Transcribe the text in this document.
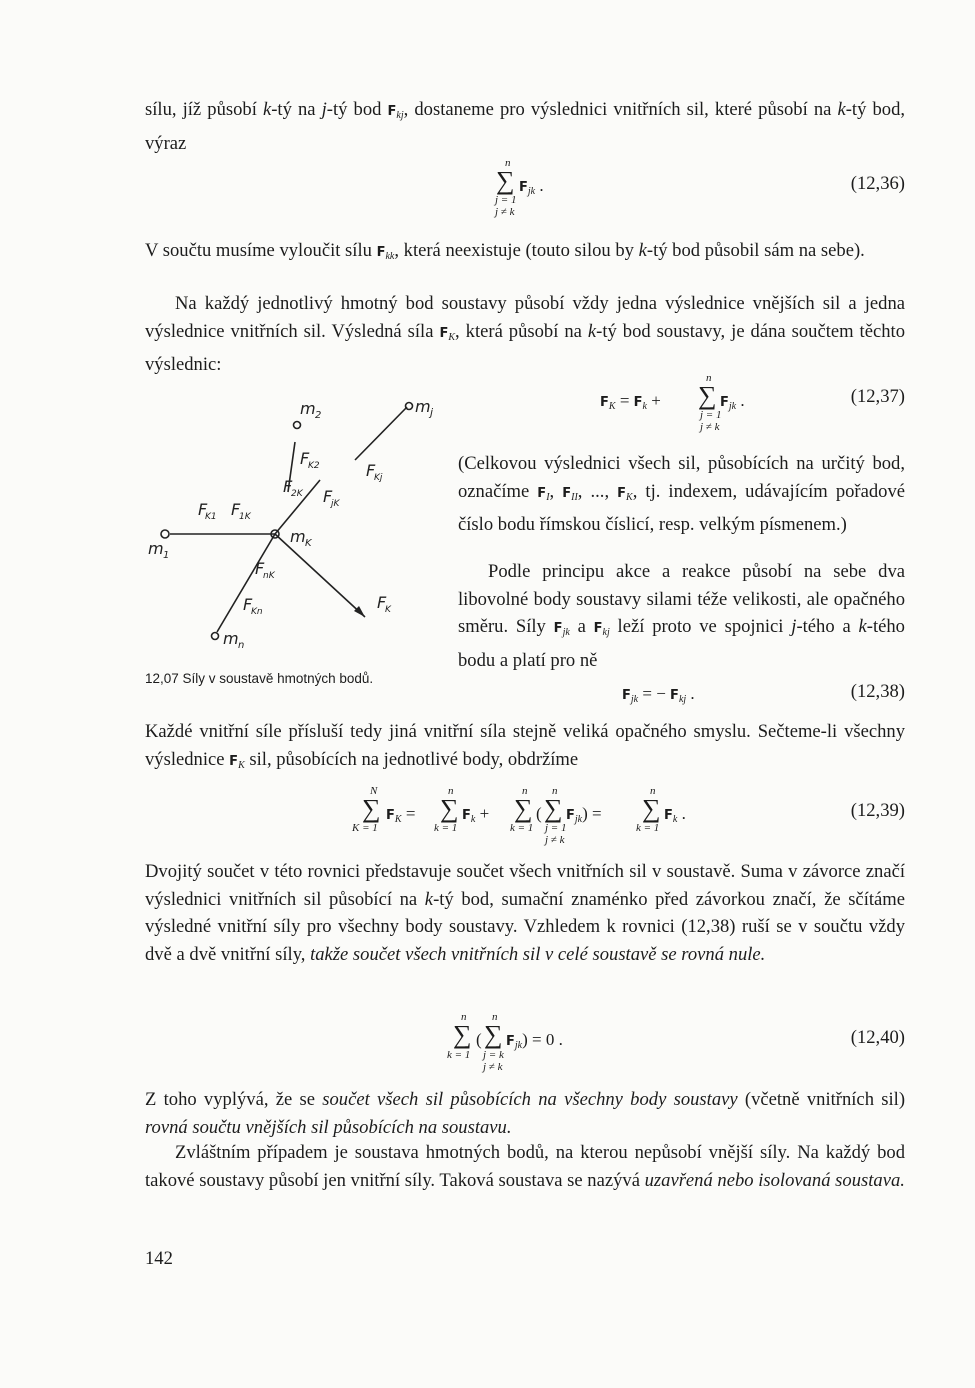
sílu, jíž působí k-tý na j-tý bod $F_{kj}$, dostaneme pro výslednici vnitřních sil, které působí na k-tý bod, výraz
n
∑ $F_{jk}$ .
j = 1
j ≠ k
(12,36)
V součtu musíme vyloučit sílu $F_{kk}$, která neexistuje (touto silou by k-tý bod působil sám na sebe).
Na každý jednotlivý hmotný bod soustavy působí vždy jedna výslednice vnějších sil a jedna výslednice vnitřních sil. Výsledná síla $F_K$, která působí na k-tý bod soustavy, je dána součtem těchto výslednic:
m 2	m j
m 1
m K
m n
F
K2	F
Kj
F
2K F
jK
F
K1 F
1K
F
nK
F
Kn	F
K
12,07 Síly v soustavě hmotných bodů.
$F_K = F_k$ +
n
∑ $F_{jk}$ .
j = 1
j ≠ k
(12,37)
(Celkovou výslednici všech sil, působících na určitý bod, označíme $F_I$, $F_{II}$, ..., $F_K$, tj. indexem, udávajícím pořadové číslo bodu římskou číslicí, resp. velkým písmenem.)
Podle principu akce a reakce působí na sebe dva libovolné body soustavy silami téže velikosti, ale opačného směru. Síly $F_{jk}$ a $F_{kj}$ leží proto ve spojnici j-tého a k-tého bodu a platí pro ně
$F_{jk}$ = − $F_{kj}$ .	(12,38)
Každé vnitřní síle přísluší tedy jiná vnitřní síla stejně veliká opačného smyslu. Sečteme-li všechny výslednice $F_K$ sil, působících na jednotlivé body, obdržíme
N
∑ $F_K$ =
K = 1
n
∑ $F_k$ +
k = 1
n
∑ (
k = 1
n
∑ $F_{jk}$) =
j = 1
j ≠ k
n
∑ $F_k$ .
k = 1
(12,39)
Dvojitý součet v této rovnici představuje součet všech vnitřních sil v soustavě. Suma v závorce značí výslednici vnitřních sil působící na k-tý bod, sumační znaménko před závorkou značí, že sčítáme výsledné vnitřní síly pro všechny body soustavy. Vzhledem k rovnici (12,38) ruší se v součtu vždy dvě a dvě vnitřní síly, takže součet všech vnitřních sil v celé soustavě se rovná nule.
n
∑ (
k = 1
n
∑ $F_{jk}) = 0$ .
j = k
j ≠ k
(12,40)
Z toho vyplývá, že se součet všech sil působících na všechny body soustavy (včetně vnitřních sil) rovná součtu vnějších sil působících na soustavu.
Zvláštním případem je soustava hmotných bodů, na kterou nepůsobí vnější síly. Na každý bod takové soustavy působí jen vnitřní síly. Taková soustava se nazývá uzavřená nebo isolovaná soustava.
142
